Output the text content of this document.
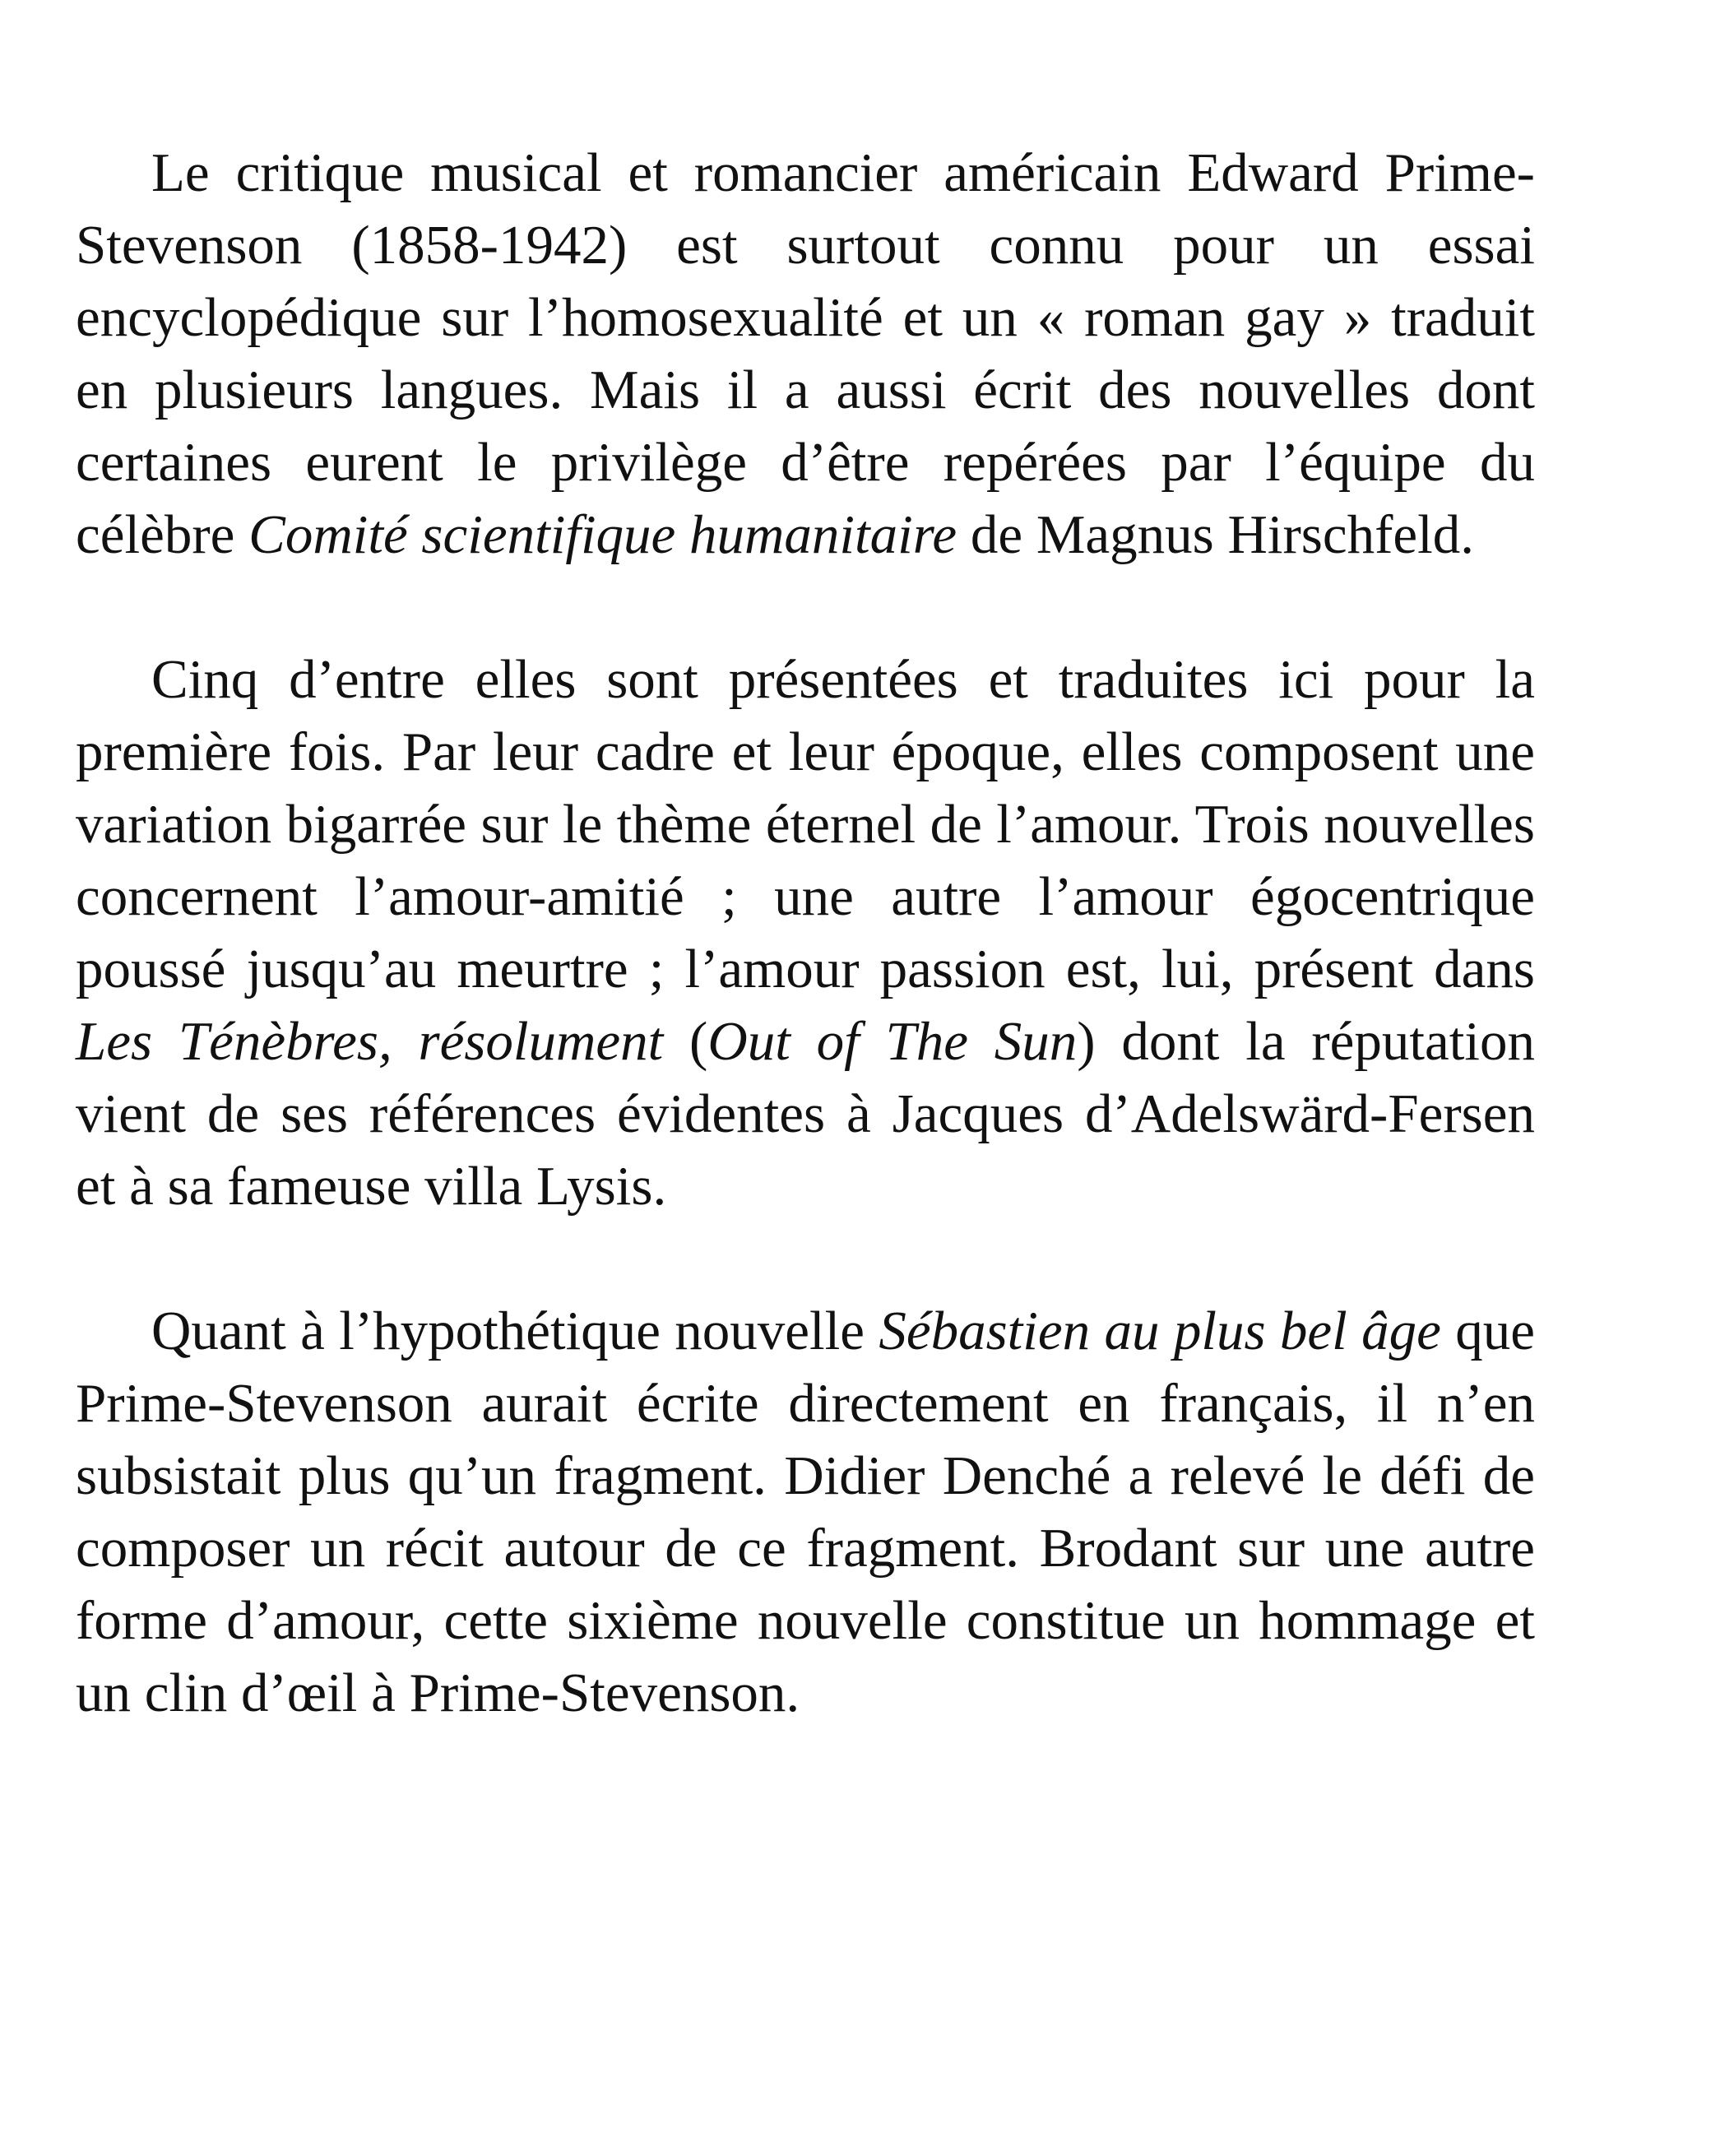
Le critique musical et romancier américain Edward Prime-Stevenson (1858-1942) est surtout connu pour un essai encyclopédique sur l’homosexualité et un « roman gay » traduit en plusieurs langues. Mais il a aussi écrit des nouvelles dont certaines eurent le privilège d’être repérées par l’équipe du célèbre Comité scientifique humanitaire de Magnus Hirschfeld.

Cinq d’entre elles sont présentées et traduites ici pour la première fois. Par leur cadre et leur époque, elles composent une variation bigarrée sur le thème éternel de l’amour. Trois nouvelles concernent l’amour-amitié ; une autre l’amour égocentrique poussé jusqu’au meurtre ; l’amour passion est, lui, présent dans Les Ténèbres, résolument (Out of The Sun) dont la réputation vient de ses références évidentes à Jacques d’Adelswärd-Fersen et à sa fameuse villa Lysis.

Quant à l’hypothétique nouvelle Sébastien au plus bel âge que Prime-Stevenson aurait écrite directement en français, il n’en subsistait plus qu’un fragment. Didier Denché a relevé le défi de composer un récit autour de ce fragment. Brodant sur une autre forme d’amour, cette sixième nouvelle constitue un hommage et un clin d’œil à Prime-Stevenson.
